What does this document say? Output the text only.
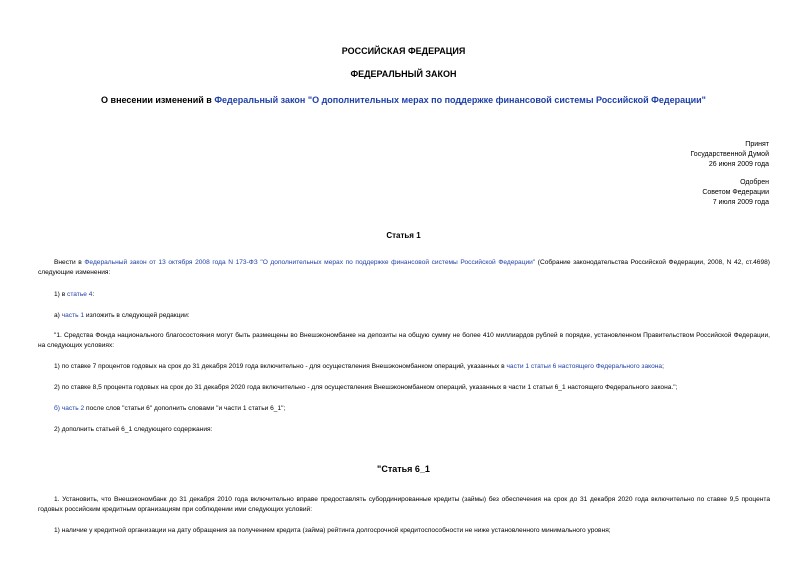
РОССИЙСКАЯ ФЕДЕРАЦИЯ
ФЕДЕРАЛЬНЫЙ ЗАКОН
О внесении изменений в Федеральный закон "О дополнительных мерах по поддержке финансовой системы Российской Федерации"
Принят
Государственной Думой
26 июня 2009 года
Одобрен
Советом Федерации
7 июля 2009 года
Статья 1
Внести в Федеральный закон от 13 октября 2008 года N 173-ФЗ "О дополнительных мерах по поддержке финансовой системы Российской Федерации" (Собрание законодательства Российской Федерации, 2008, N 42, ст.4698) следующие изменения:
1) в статье 4:
а) часть 1 изложить в следующей редакции:
"1. Средства Фонда национального благосостояния могут быть размещены во Внешэкономбанке на депозиты на общую сумму не более 410 миллиардов рублей в порядке, установленном Правительством Российской Федерации, на следующих условиях:
1) по ставке 7 процентов годовых на срок до 31 декабря 2019 года включительно - для осуществления Внешэкономбанком операций, указанных в части 1 статьи 6 настоящего Федерального закона;
2) по ставке 8,5 процента годовых на срок до 31 декабря 2020 года включительно - для осуществления Внешэкономбанком операций, указанных в части 1 статьи 6_1 настоящего Федерального закона.";
б) часть 2 после слов "статьи 6" дополнить словами "и части 1 статьи 6_1";
2) дополнить статьей 6_1 следующего содержания:
"Статья 6_1
1. Установить, что Внешэкономбанк до 31 декабря 2010 года включительно вправе предоставлять субординированные кредиты (займы) без обеспечения на срок до 31 декабря 2020 года включительно по ставке 9,5 процента годовых российским кредитным организациям при соблюдении ими следующих условий:
1) наличие у кредитной организации на дату обращения за получением кредита (займа) рейтинга долгосрочной кредитоспособности не ниже установленного минимального уровня;
